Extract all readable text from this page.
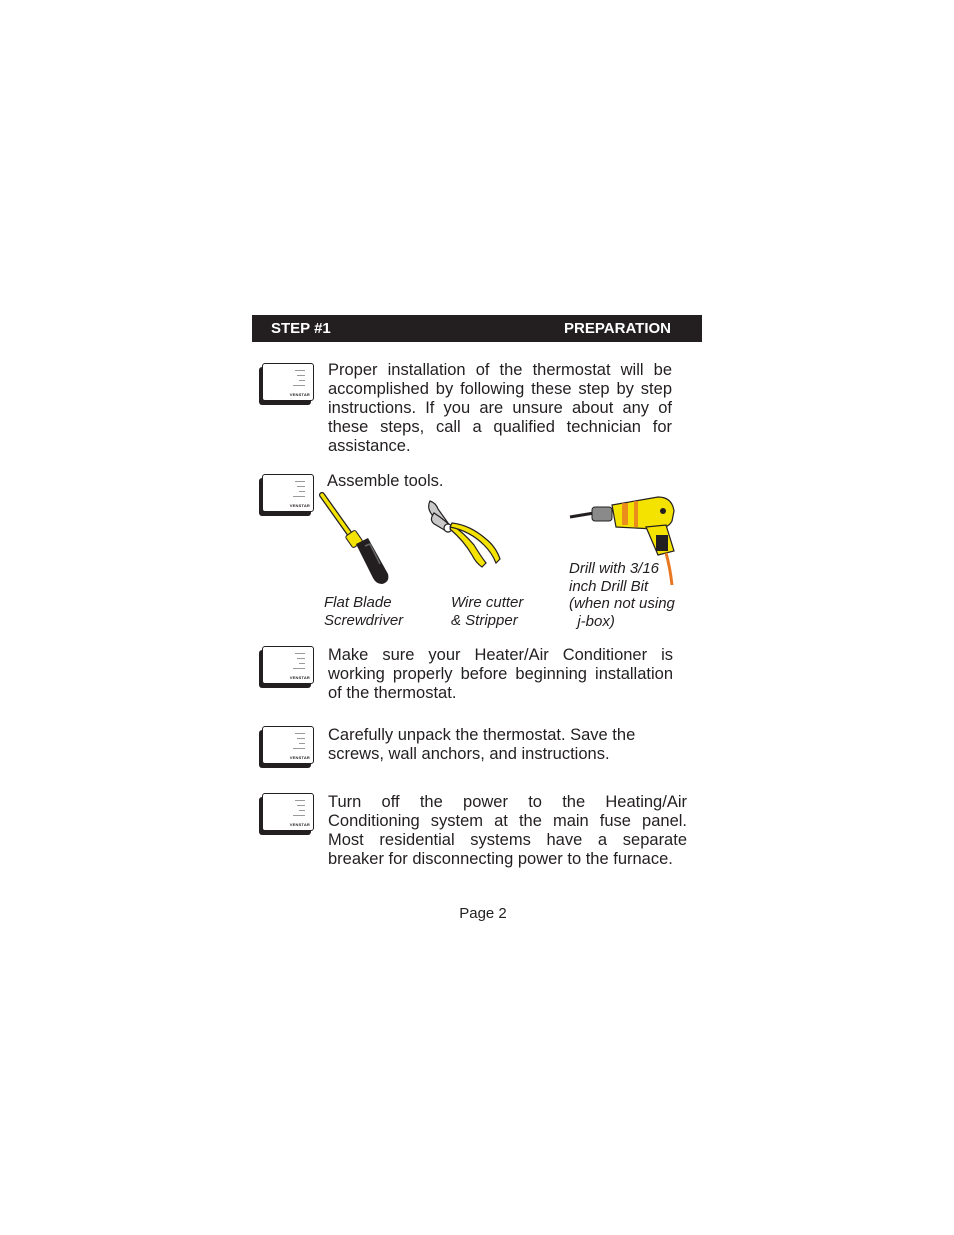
STEP #1	PREPARATION
VENSTAR
VENSTAR
VENSTAR
VENSTAR
VENSTAR
Proper installation of the thermostat will be accomplished by following these step by step instructions. If you are unsure about any of these steps, call a qualified technician for assistance.
Assemble tools.
Make sure your Heater/Air Conditioner is working properly before beginning installation of the thermostat.
Carefully unpack the thermostat. Save the screws, wall anchors, and instructions.
Turn off the power to the Heating/Air Conditioning system at the main fuse panel. Most residential systems have a separate breaker for disconnecting power to the furnace.
Flat Blade
Screwdriver
Wire cutter
& Stripper
Drill with 3/16
inch Drill Bit
(when not using
j-box)
Page 2
